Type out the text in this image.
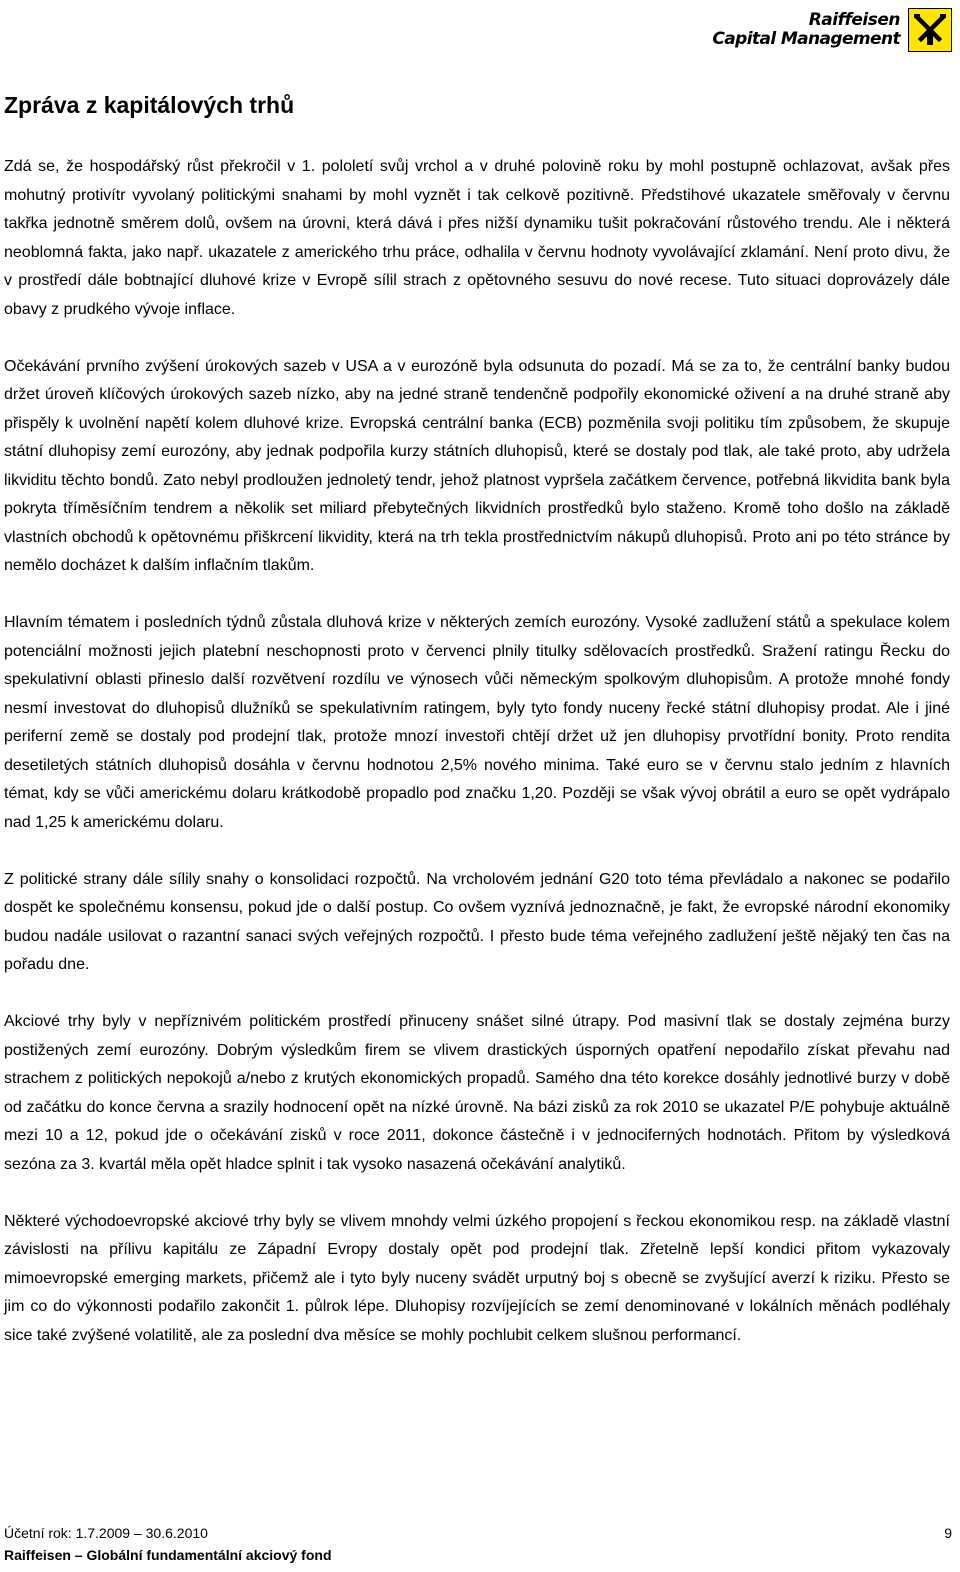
Raiffeisen
Capital Management
Zpráva z kapitálových trhů

Zdá se, že hospodářský růst překročil v 1. pololetí svůj vrchol a v druhé polovině roku by mohl postupně ochlazovat, avšak přes mohutný protivítr vyvolaný politickými snahami by mohl vyznět i tak celkově pozitivně. Předstihové ukazatele směřovaly v červnu takřka jednotně směrem dolů, ovšem na úrovni, která dává i přes nižší dynamiku tušit pokračování růstového trendu. Ale i některá neoblomná fakta, jako např. ukazatele z amerického trhu práce, odhalila v červnu hodnoty vyvolávající zklamání. Není proto divu, že v prostředí dále bobtnající dluhové krize v Evropě sílil strach z opětovného sesuvu do nové recese. Tuto situaci doprovázely dále obavy z prudkého vývoje inflace.

Očekávání prvního zvýšení úrokových sazeb v USA a v eurozóně byla odsunuta do pozadí. Má se za to, že centrální banky budou držet úroveň klíčových úrokových sazeb nízko, aby na jedné straně tendenčně podpořily ekonomické oživení a na druhé straně aby přispěly k uvolnění napětí kolem dluhové krize. Evropská centrální banka (ECB) pozměnila svoji politiku tím způsobem, že skupuje státní dluhopisy zemí eurozóny, aby jednak podpořila kurzy státních dluhopisů, které se dostaly pod tlak, ale také proto, aby udržela likviditu těchto bondů. Zato nebyl prodloužen jednoletý tendr, jehož platnost vypršela začátkem července, potřebná likvidita bank byla pokryta tříměsíčním tendrem a několik set miliard přebytečných likvidních prostředků bylo staženo. Kromě toho došlo na základě vlastních obchodů k opětovnému přiškrcení likvidity, která na trh tekla prostřednictvím nákupů dluhopisů. Proto ani po této stránce by nemělo docházet k dalším inflačním tlakům.

Hlavním tématem i posledních týdnů zůstala dluhová krize v některých zemích eurozóny. Vysoké zadlužení států a spekulace kolem potenciální možnosti jejich platební neschopnosti proto v červenci plnily titulky sdělovacích prostředků. Sražení ratingu Řecku do spekulativní oblasti přineslo další rozvětvení rozdílu ve výnosech vůči německým spolkovým dluhopisům. A protože mnohé fondy nesmí investovat do dluhopisů dlužníků se spekulativním ratingem, byly tyto fondy nuceny řecké státní dluhopisy prodat. Ale i jiné periferní země se dostaly pod prodejní tlak, protože mnozí investoři chtějí držet už jen dluhopisy prvotřídní bonity. Proto rendita desetiletých státních dluhopisů dosáhla v červnu hodnotou 2,5% nového minima. Také euro se v červnu stalo jedním z hlavních témat, kdy se vůči americkému dolaru krátkodobě propadlo pod značku 1,20. Později se však vývoj obrátil a euro se opět vydrápalo nad 1,25 k americkému dolaru.

Z politické strany dále sílily snahy o konsolidaci rozpočtů. Na vrcholovém jednání G20 toto téma převládalo a nakonec se podařilo dospět ke společnému konsensu, pokud jde o další postup. Co ovšem vyznívá jednoznačně, je fakt, že evropské národní ekonomiky budou nadále usilovat o razantní sanaci svých veřejných rozpočtů. I přesto bude téma veřejného zadlužení ještě nějaký ten čas na pořadu dne.

Akciové trhy byly v nepříznivém politickém prostředí přinuceny snášet silné útrapy. Pod masivní tlak se dostaly zejména burzy postižených zemí eurozóny. Dobrým výsledkům firem se vlivem drastických úsporných opatření nepodařilo získat převahu nad strachem z politických nepokojů a/nebo z krutých ekonomických propadů. Samého dna této korekce dosáhly jednotlivé burzy v době od začátku do konce června a srazily hodnocení opět na nízké úrovně. Na bázi zisků za rok 2010 se ukazatel P/E pohybuje aktuálně mezi 10 a 12, pokud jde o očekávání zisků v roce 2011, dokonce částečně i v jednociferných hodnotách. Přitom by výsledková sezóna za 3. kvartál měla opět hladce splnit i tak vysoko nasazená očekávání analytiků.

Některé východoevropské akciové trhy byly se vlivem mnohdy velmi úzkého propojení s řeckou ekonomikou resp. na základě vlastní závislosti na přílivu kapitálu ze Západní Evropy dostaly opět pod prodejní tlak. Zřetelně lepší kondici přitom vykazovaly mimoevropské emerging markets, přičemž ale i tyto byly nuceny svádět urputný boj s obecně se zvyšující averzí k riziku. Přesto se jim co do výkonnosti podařilo zakončit 1. půlrok lépe. Dluhopisy rozvíjejících se zemí denominované v lokálních měnách podléhaly sice také zvýšené volatilitě, ale za poslední dva měsíce se mohly pochlubit celkem slušnou performancí.

Účetní rok: 1.7.2009 – 30.6.2010	9
Raiffeisen – Globální fundamentální akciový fond
